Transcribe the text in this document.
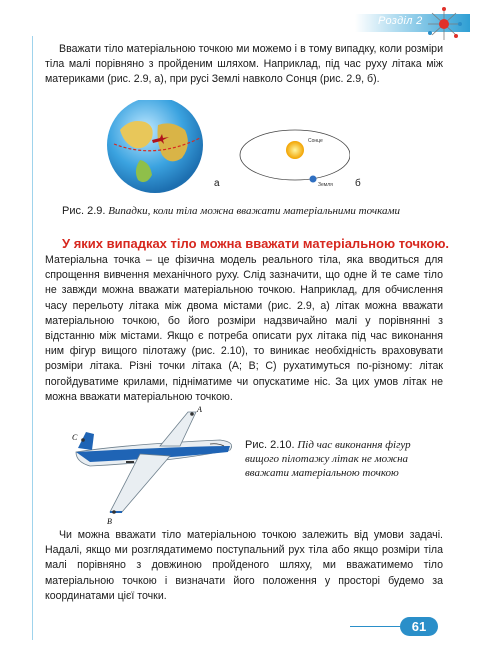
Розділ 2

Вважати тіло матеріальною точкою ми можемо і в тому випадку, коли розміри тіла малі порівняно з пройденим шляхом. Наприклад, під час руху літака між материками (рис. 2.9, а), при русі Землі навколо Сонця (рис. 2.9, б).

Сонце
Земля
а	б
Рис. 2.9. Випадки, коли тіла можна вважати матеріальними точками
У яких випадках тіло можна вважати матеріальною точкою.

Матеріальна точка – це фізична модель реального тіла, яка вводиться для спрощення вивчення механічного руху. Слід зазначити, що одне й те саме тіло не завжди можна вважати матеріальною точкою. Наприклад, для обчислення часу перельоту літака між двома містами (рис. 2.9, а) літак можна вважати матеріальною точкою, бо його розміри надзвичайно малі у порівнянні з відстанню між містами. Якщо є потреба описати рух літака під час виконання ним фігур вищого пілотажу (рис. 2.10), то виникає необхідність враховувати розміри літака. Різні точки літака (A; B; C) рухатимуться по-різному: літак погойдуватиме крилами, підніматиме чи опускатиме ніс. За цих умов літак не можна вважати матеріальною точкою.

A
B
C
Рис. 2.10. Під час виконання фігур вищого пілотажу літак не можна вважати матеріальною точкою

Чи можна вважати тіло матеріальною точкою залежить від умови задачі. Надалі, якщо ми розглядатимемо поступальний рух тіла або якщо розміри тіла малі порівняно з довжиною пройденого шляху, ми вважатимемо тіло матеріальною точкою і визначати його положення у просторі будемо за координатами цієї точки.

61
